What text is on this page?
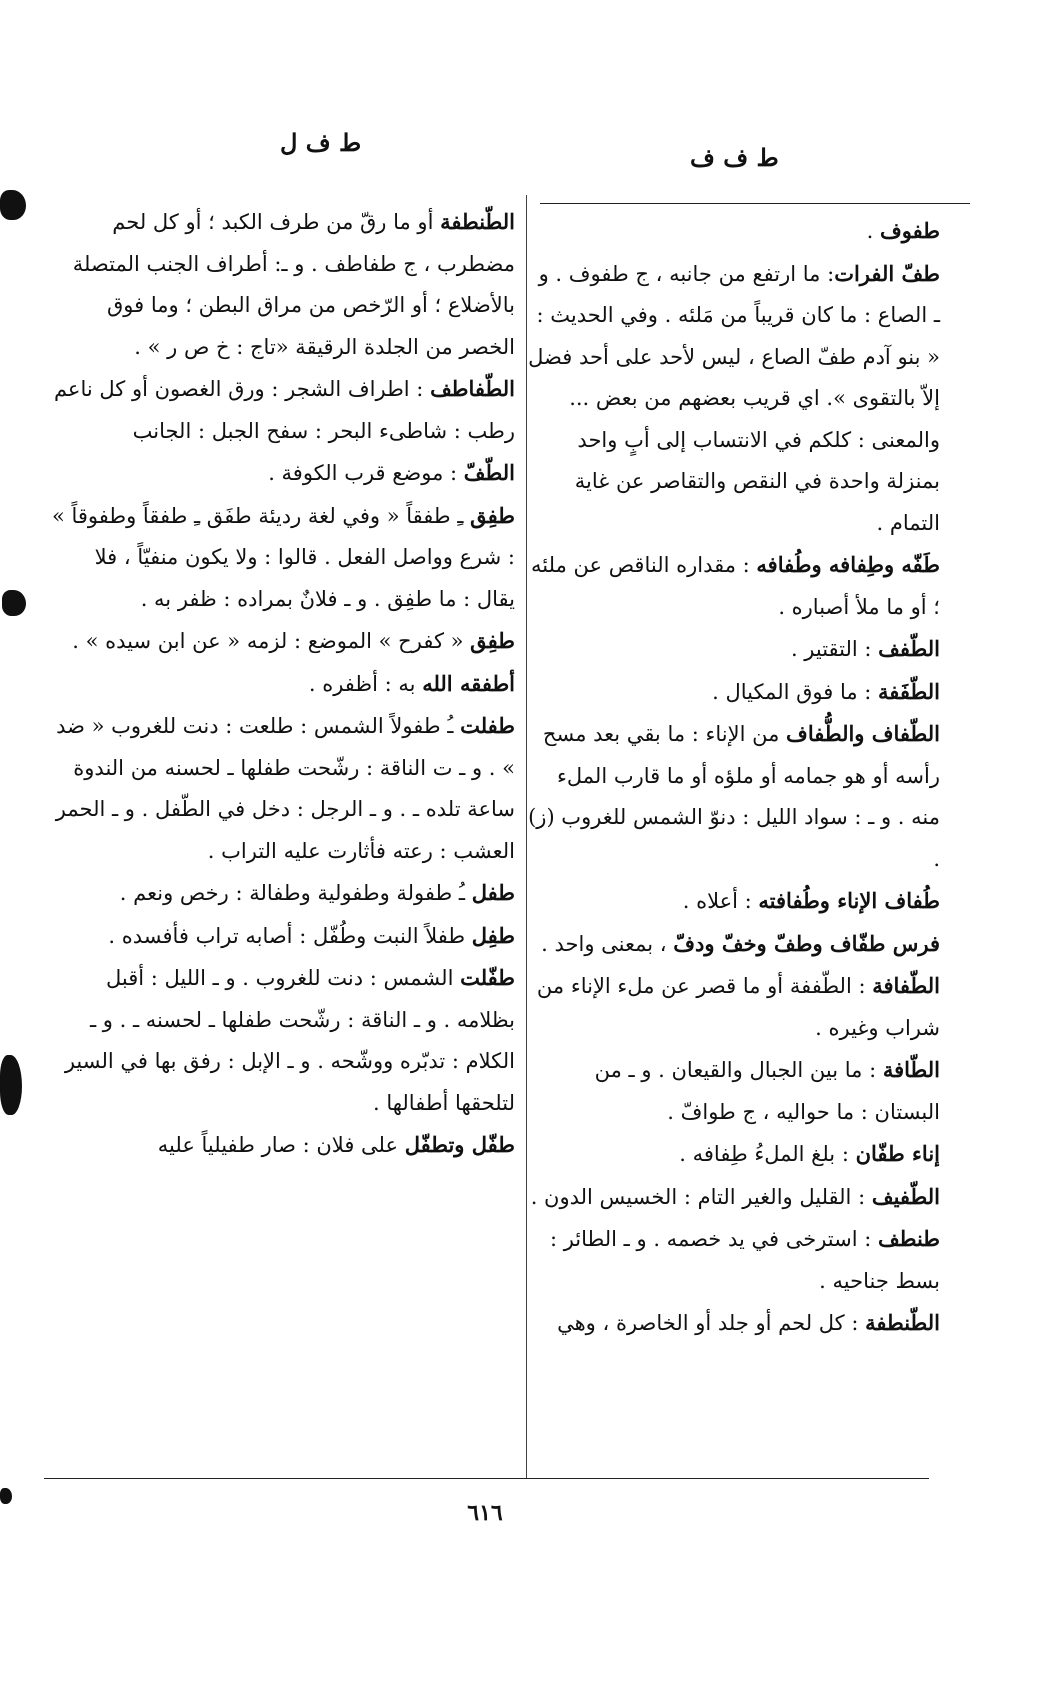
ط ف ف
ط ف ل

طفوف .

طفّ الفرات: ما ارتفع من جانبه ، ج طفوف . و ـ الصاع : ما كان قريباً من مَلئه . وفي الحديث : « بنو آدم طفّ الصاع ، ليس لأحد على أحد فضل إلاّ بالتقوى ». اي قريب بعضهم من بعض ... والمعنى : كلكم في الانتساب إلى أبٍ واحد بمنزلة واحدة في النقص والتقاصر عن غاية التمام .

طَفّه وطِفافه وطُفافه : مقداره الناقص عن ملئه ؛ أو ما ملأ أصباره .

الطّفف : التقتير .

الطّفَفة : ما فوق المكيال .

الطّفاف والطُّفاف من الإناء : ما بقي بعد مسح رأسه أو هو جمامه أو ملؤه أو ما قارب الملء منه . و ـ : سواد الليل : دنوّ الشمس للغروب (ز) .

طُفاف الإناء وطُفافته : أعلاه .

فرس طفّاف وطفّ وخفّ ودفّ ، بمعنى واحد .

الطّفافة : الطّففة أو ما قصر عن ملء الإناء من شراب وغيره .

الطّافة : ما بين الجبال والقيعان . و ـ من البستان : ما حواليه ، ج طوافّ .

إناء طفّان : بلغ الملءُ طِفافه .

الطّفيف : القليل والغير التام : الخسيس الدون .

طنطف : استرخى في يد خصمه . و ـ الطائر : بسط جناحيه .

الطّنطفة : كل لحم أو جلد أو الخاصرة ، وهي

الطّنطفة أو ما رقّ من طرف الكبد ؛ أو كل لحم مضطرب ، ج طفاطف . و ـ: أطراف الجنب المتصلة بالأضلاع ؛ أو الرّخص من مراق البطن ؛ وما فوق الخصر من الجلدة الرقيقة «تاج : خ ص ر » .

الطّفاطف : اطراف الشجر : ورق الغصون أو كل ناعم رطب : شاطىء البحر : سفح الجبل : الجانب

الطّفّ : موضع قرب الكوفة .

طفِق ـِ طفقاً « وفي لغة رديئة طفَق ـِ طفقاً وطفوقاً » : شرع وواصل الفعل . قالوا : ولا يكون منفيّاً ، فلا يقال : ما طفِق . و ـ فلانٌ بمراده : ظفر به .

طفِق « كفرح » الموضع : لزمه « عن ابن سيده » .

أطفقه الله به : أظفره .

طفلت ـُ طفولاً الشمس : طلعت : دنت للغروب « ضد » . و ـ ت الناقة : رشّحت طفلها ـ لحسنه من الندوة ساعة تلده ـ . و ـ الرجل : دخل في الطّفل . و ـ الحمر العشب : رعته فأثارت عليه التراب .

طفل ـُ طفولة وطفولية وطفالة : رخص ونعم .

طفِل طفلاً النبت وطُفّل : أصابه تراب فأفسده .

طفّلت الشمس : دنت للغروب . و ـ الليل : أقبل بظلامه . و ـ الناقة : رشّحت طفلها ـ لحسنه ـ . و ـ الكلام : تدبّره ووشّحه . و ـ الإبل : رفق بها في السير لتلحقها أطفالها .

طفّل وتطفّل على فلان : صار طفيلياً عليه

٦١٦
